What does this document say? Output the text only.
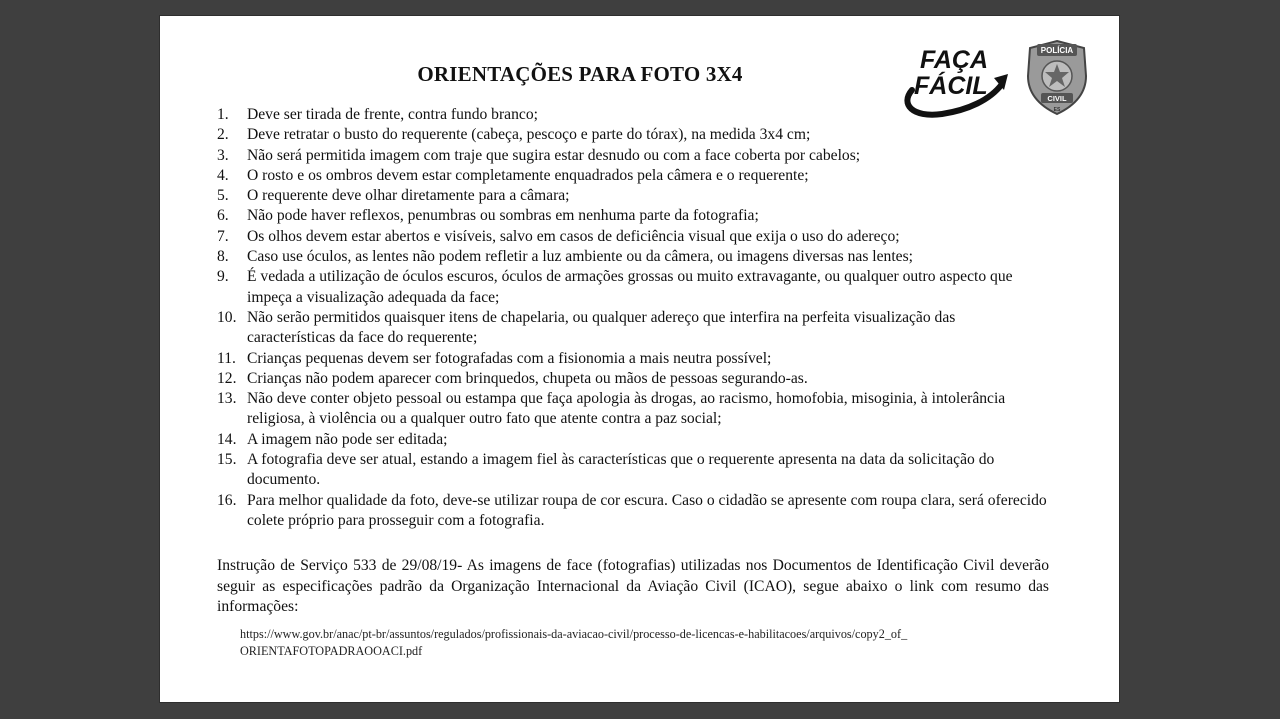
ORIENTAÇÕES PARA FOTO 3X4	FAÇA
FÁCIL
POLÍCIA
CIVIL
ES
1. Deve ser tirada de frente, contra fundo branco;
2. Deve retratar o busto do requerente (cabeça, pescoço e parte do tórax), na medida 3x4 cm;
3. Não será permitida imagem com traje que sugira estar desnudo ou com a face coberta por cabelos;
4. O rosto e os ombros devem estar completamente enquadrados pela câmera e o requerente;
5. O requerente deve olhar diretamente para a câmara;
6. Não pode haver reflexos, penumbras ou sombras em nenhuma parte da fotografia;
7. Os olhos devem estar abertos e visíveis, salvo em casos de deficiência visual que exija o uso do adereço;
8. Caso use óculos, as lentes não podem refletir a luz ambiente ou da câmera, ou imagens diversas nas lentes;
9. É vedada a utilização de óculos escuros, óculos de armações grossas ou muito extravagante, ou qualquer outro aspecto que impeça a visualização adequada da face;
10. Não serão permitidos quaisquer itens de chapelaria, ou qualquer adereço que interfira na perfeita visualização das características da face do requerente;
11. Crianças pequenas devem ser fotografadas com a fisionomia a mais neutra possível;
12. Crianças não podem aparecer com brinquedos, chupeta ou mãos de pessoas segurando-as.
13. Não deve conter objeto pessoal ou estampa que faça apologia às drogas, ao racismo, homofobia, misoginia, à intolerância religiosa, à violência ou a qualquer outro fato que atente contra a paz social;
14. A imagem não pode ser editada;
15. A fotografia deve ser atual, estando a imagem fiel às características que o requerente apresenta na data da solicitação do documento.
16. Para melhor qualidade da foto, deve-se utilizar roupa de cor escura. Caso o cidadão se apresente com roupa clara, será oferecido colete próprio para prosseguir com a fotografia.

Instrução de Serviço 533 de 29/08/19- As imagens de face (fotografias) utilizadas nos Documentos de Identificação Civil deverão seguir as especificações padrão da Organização Internacional da Aviação Civil (ICAO), segue abaixo o link com resumo das informações:

https://www.gov.br/anac/pt-br/assuntos/regulados/profissionais-da-aviacao-civil/processo-de-licencas-e-habilitacoes/arquivos/copy2_of_
ORIENTAFOTOPADRAOOACI.pdf
